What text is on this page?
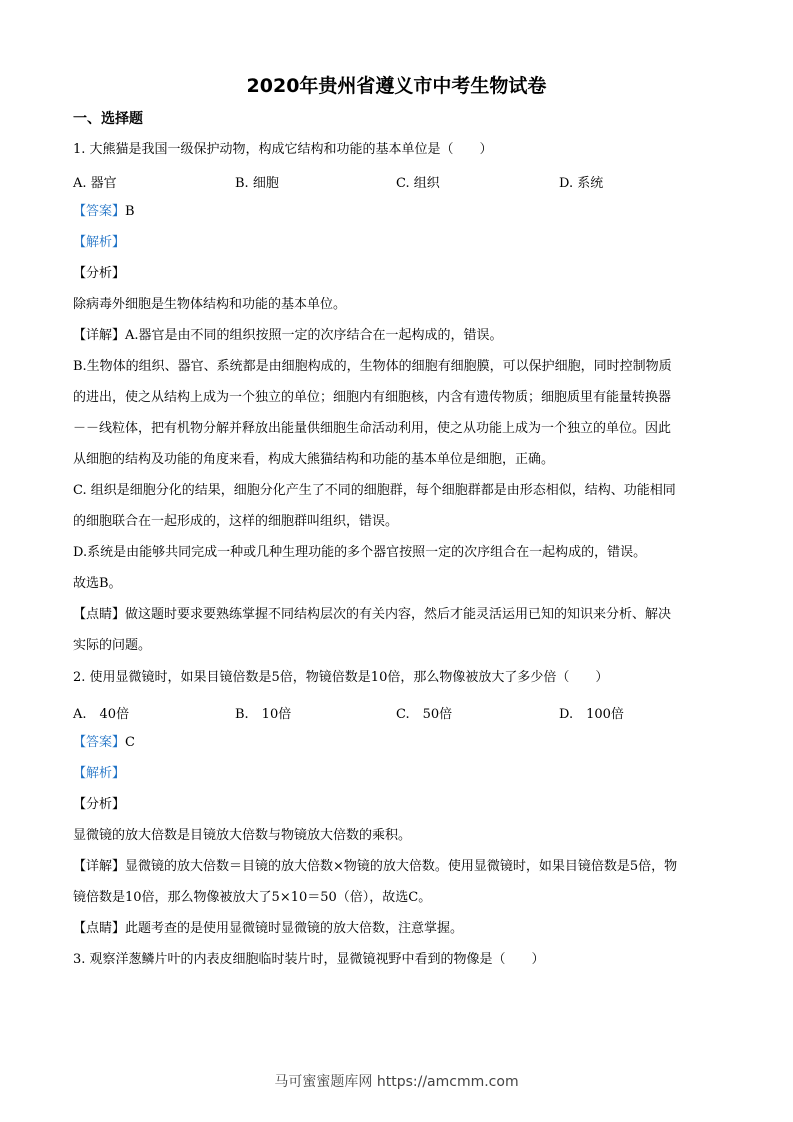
2020年贵州省遵义市中考生物试卷
一、选择题
1. 大熊猫是我国一级保护动物，构成它结构和功能的基本单位是（　　）
A. 器官	B. 细胞	C. 组织	D. 系统
【答案】B
【解析】
【分析】
除病毒外细胞是生物体结构和功能的基本单位。
【详解】A.器官是由不同的组织按照一定的次序结合在一起构成的，错误。
B.生物体的组织、器官、系统都是由细胞构成的，生物体的细胞有细胞膜，可以保护细胞，同时控制物质
的进出，使之从结构上成为一个独立的单位；细胞内有细胞核，内含有遗传物质；细胞质里有能量转换器
－－线粒体，把有机物分解并释放出能量供细胞生命活动利用，使之从功能上成为一个独立的单位。因此
从细胞的结构及功能的角度来看，构成大熊猫结构和功能的基本单位是细胞，正确。
C. 组织是细胞分化的结果，细胞分化产生了不同的细胞群，每个细胞群都是由形态相似，结构、功能相同
的细胞联合在一起形成的，这样的细胞群叫组织，错误。
D.系统是由能够共同完成一种或几种生理功能的多个器官按照一定的次序组合在一起构成的，错误。
故选B。
【点睛】做这题时要求要熟练掌握不同结构层次的有关内容，然后才能灵活运用已知的知识来分析、解决
实际的问题。
2. 使用显微镜时，如果目镜倍数是5倍，物镜倍数是10倍，那么物像被放大了多少倍（　　）
A.　40倍	B.　10倍	C.　50倍	D.　100倍
【答案】C
【解析】
【分析】
显微镜的放大倍数是目镜放大倍数与物镜放大倍数的乘积。
【详解】显微镜的放大倍数＝目镜的放大倍数×物镜的放大倍数。使用显微镜时，如果目镜倍数是5倍，物
镜倍数是10倍，那么物像被放大了5×10＝50（倍），故选C。
【点睛】此题考查的是使用显微镜时显微镜的放大倍数，注意掌握。
3. 观察洋葱鳞片叶的内表皮细胞临时装片时，显微镜视野中看到的物像是（　　）
马可蜜蜜题库网 https://amcmm.com
